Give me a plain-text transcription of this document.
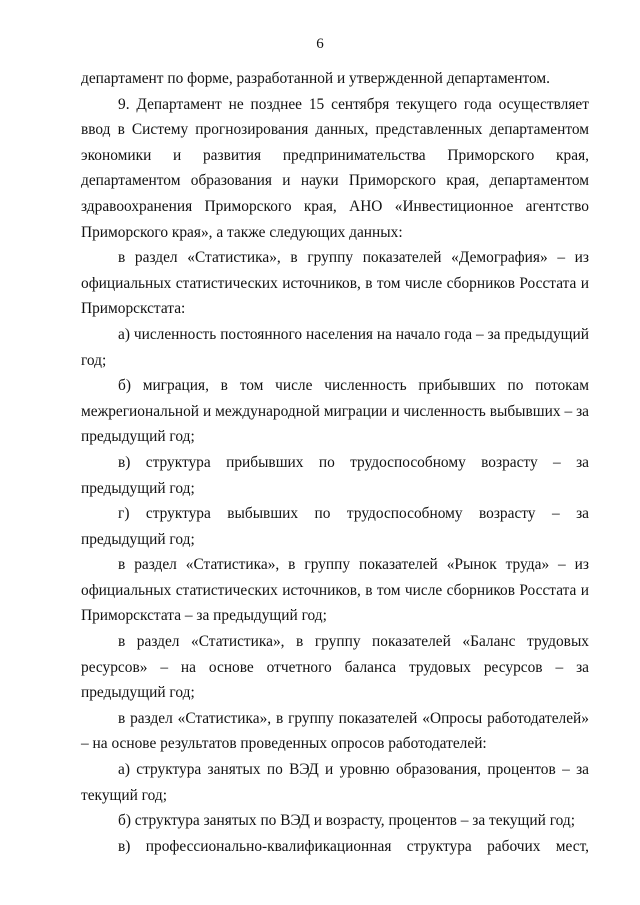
6

департамент по форме, разработанной и утвержденной департаментом.

9. Департамент не позднее 15 сентября текущего года осуществляет ввод в Систему прогнозирования данных, представленных департаментом экономики и развития предпринимательства Приморского края, департаментом образования и науки Приморского края, департаментом здравоохранения Приморского края, АНО «Инвестиционное агентство Приморского края», а также следующих данных:

в раздел «Статистика», в группу показателей «Демография» – из официальных статистических источников, в том числе сборников Росстата и Приморскстата:

а) численность постоянного населения на начало года – за предыдущий год;

б) миграция, в том числе численность прибывших по потокам межрегиональной и международной миграции и численность выбывших – за предыдущий год;

в) структура прибывших по трудоспособному возрасту – за предыдущий год;

г) структура выбывших по трудоспособному возрасту – за предыдущий год;

в раздел «Статистика», в группу показателей «Рынок труда» – из официальных статистических источников, в том числе сборников Росстата и Приморскстата – за предыдущий год;

в раздел «Статистика», в группу показателей «Баланс трудовых ресурсов» – на основе отчетного баланса трудовых ресурсов – за предыдущий год;

в раздел «Статистика», в группу показателей «Опросы работодателей» – на основе результатов проведенных опросов работодателей:

а) структура занятых по ВЭД и уровню образования, процентов – за текущий год;

б) структура занятых по ВЭД и возрасту, процентов – за текущий год;

в) профессионально-квалификационная структура рабочих мест,
